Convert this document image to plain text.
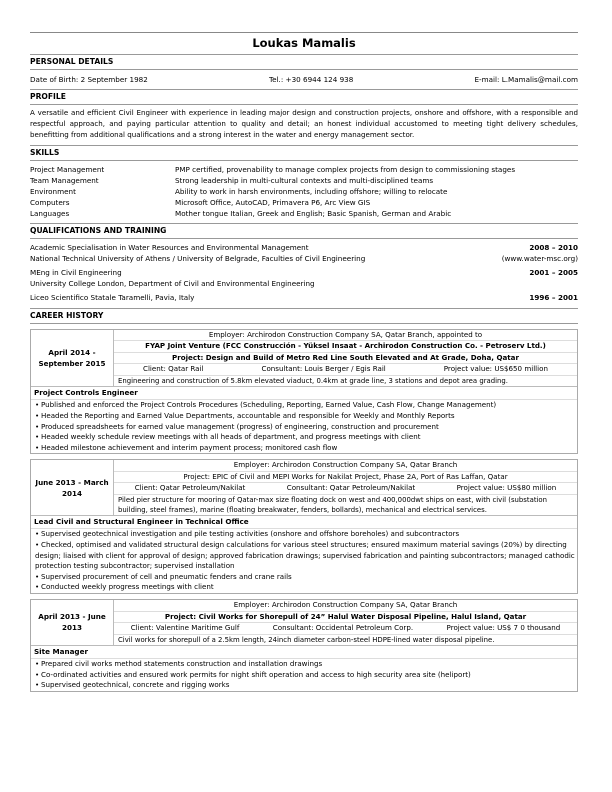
Loukas Mamalis
PERSONAL DETAILS
Date of Birth: 2 September 1982	Tel.: +30 6944 124 938	E-mail: L.Mamalis@mail.com
PROFILE
A versatile and efficient Civil Engineer with experience in leading major design and construction projects, onshore and offshore, with a responsible and respectful approach, and paying particular attention to quality and detail; an honest individual accustomed to meeting tight delivery schedules, benefitting from additional qualifications and a strong interest in the water and energy management sector.
SKILLS
Project Management	PMP certified, provenability to manage complex projects from design to commissioning stages
Team Management	Strong leadership in multi-cultural contexts and multi-disciplined teams
Environment	Ability to work in harsh environments, including offshore; willing to relocate
Computers	Microsoft Office, AutoCAD, Primavera P6, Arc View GIS
Languages	Mother tongue Italian, Greek and English; Basic Spanish, German and Arabic
QUALIFICATIONS AND TRAINING
Academic Specialisation in Water Resources and Environmental Management	2008 – 2010
National Technical University of Athens / University of Belgrade, Faculties of Civil Engineering	(www.water-msc.org)
MEng in Civil Engineering	2001 – 2005
University College London, Department of Civil and Environmental Engineering
Liceo Scientifico Statale Taramelli, Pavia, Italy	1996 – 2001
CAREER HISTORY
April 2014 - September 2015
Employer: Archirodon Construction Company SA, Qatar Branch, appointed to
FYAP Joint Venture (FCC Construcción - Yüksel Insaat - Archirodon Construction Co. - Petroserv Ltd.)
Project: Design and Build of Metro Red Line South Elevated and At Grade, Doha, Qatar
Client: Qatar Rail	Consultant: Louis Berger / Egis Rail	Project value: US$650 million
Engineering and construction of 5.8km elevated viaduct, 0.4km at grade line, 3 stations and depot area grading.
Project Controls Engineer
• Published and enforced the Project Controls Procedures (Scheduling, Reporting, Earned Value, Cash Flow, Change Management)
• Headed the Reporting and Earned Value Departments, accountable and responsible for Weekly and Monthly Reports
• Produced spreadsheets for earned value management (progress) of engineering, construction and procurement
• Headed weekly schedule review meetings with all heads of department, and progress meetings with client
• Headed milestone achievement and interim payment process; monitored cash flow
June 2013 - March 2014
Employer: Archirodon Construction Company SA, Qatar Branch
Project: EPIC of Civil and MEPI Works for Nakilat Project, Phase 2A, Port of Ras Laffan, Qatar
Client: Qatar Petroleum/Nakilat	Consultant: Qatar Petroleum/Nakilat	Project value: US$80 million
Piled pier structure for mooring of Qatar-max size floating dock on west and 400,000dwt ships on east, with civil (substation building, steel frames), marine (floating breakwater, fenders, bollards), mechanical and electrical services.
Lead Civil and Structural Engineer in Technical Office
• Supervised geotechnical investigation and pile testing activities (onshore and offshore boreholes) and subcontractors
• Checked, optimised and validated structural design calculations for various steel structures; ensured maximum material savings (20%) by directing design; liaised with client for approval of design; approved fabrication drawings; supervised fabrication and painting subcontractors; managed cathodic protection testing subcontractor; supervised installation
• Supervised procurement of cell and pneumatic fenders and crane rails
• Conducted weekly progress meetings with client
April 2013 - June 2013
Employer: Archirodon Construction Company SA, Qatar Branch
Project: Civil Works for Shorepull of 24” Halul Water Disposal Pipeline, Halul Island, Qatar
Client: Valentine Maritime Gulf	Consultant: Occidental Petroleum Corp.	Project value: US$ 7 0 thousand
Civil works for shorepull of a 2.5km length, 24inch diameter carbon-steel HDPE-lined water disposal pipeline.
Site Manager
• Prepared civil works method statements construction and installation drawings
• Co-ordinated activities and ensured work permits for night shift operation and access to high security area site (heliport)
• Supervised geotechnical, concrete and rigging works
